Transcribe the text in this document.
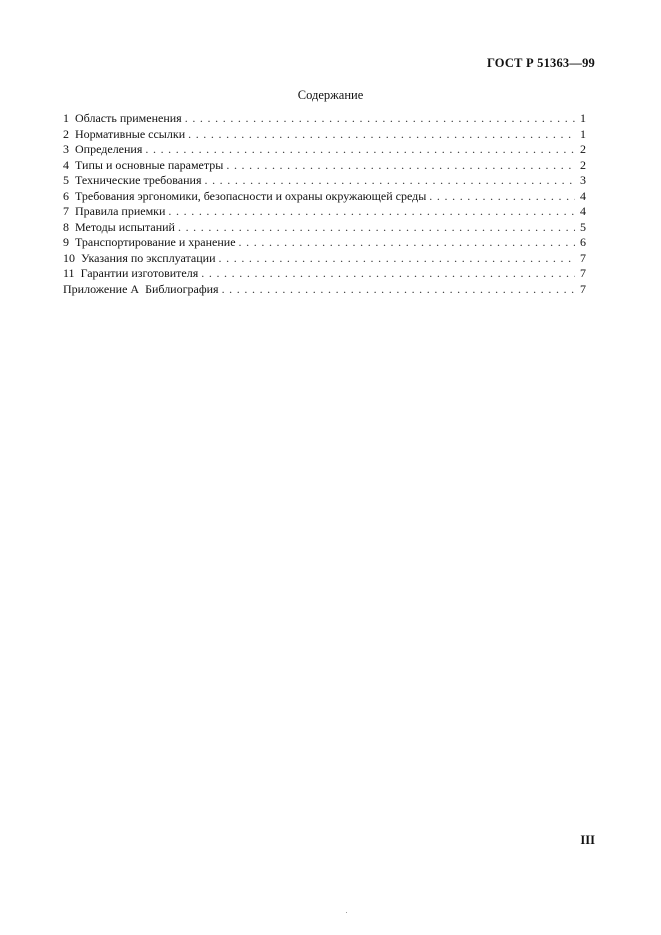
ГОСТ Р 51363—99
Содержание
1 Область применения . . .	1
2 Нормативные ссылки . . .	1
3 Определения . . .	2
4 Типы и основные параметры . . .	2
5 Технические требования . . .	3
6 Требования эргономики, безопасности и охраны окружающей среды . . .	4
7 Правила приемки . . .	4
8 Методы испытаний . . .	5
9 Транспортирование и хранение . . .	6
10 Указания по эксплуатации . . .	7
11 Гарантии изготовителя . . .	7
Приложение А Библиография . . .	7
III
